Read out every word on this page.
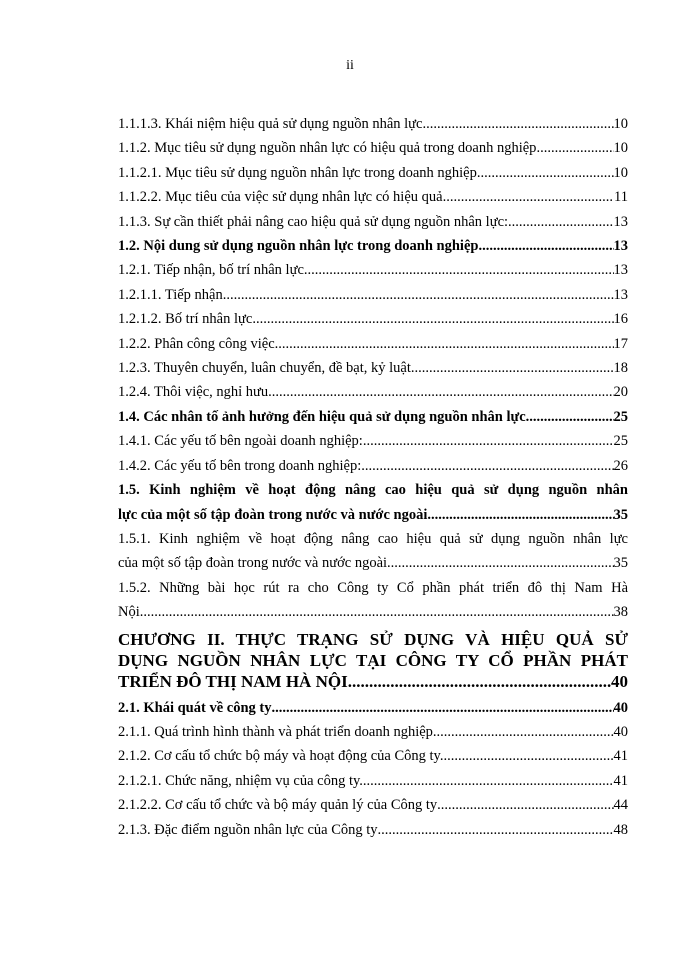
ii
1.1.1.3. Khái niệm hiệu quả sử dụng nguồn nhân lực .....	10
1.1.2. Mục tiêu sử dụng nguồn nhân lực có hiệu quả trong doanh nghiệp .....	10
1.1.2.1. Mục tiêu sử dụng nguồn nhân lực trong doanh nghiệp .....	10
1.1.2.2. Mục tiêu của việc sử dụng nhân lực có hiệu quả .....	11
1.1.3. Sự cần thiết phải nâng cao hiệu quả sử dụng nguồn nhân lực: .....	13
1.2. Nội dung sử dụng nguồn nhân lực trong doanh nghiệp .....	13
1.2.1. Tiếp nhận, bố trí nhân lực .....	13
1.2.1.1. Tiếp nhận .....	13
1.2.1.2. Bố trí nhân lực .....	16
1.2.2. Phân công công việc .....	17
1.2.3. Thuyên chuyển, luân chuyển, đề bạt, kỷ luật .....	18
1.2.4. Thôi việc, nghỉ hưu .....	20
1.4. Các nhân tố ảnh hưởng đến hiệu quả sử dụng nguồn nhân lực .....	25
1.4.1. Các yếu tố bên ngoài doanh nghiệp: .....	25
1.4.2. Các yếu tố bên trong doanh nghiệp: .....	26
1.5. Kinh nghiệm về hoạt động nâng cao hiệu quả sử dụng nguồn nhân
lực của một số tập đoàn trong nước và nước ngoài. .....	35
1.5.1. Kinh nghiệm về hoạt động nâng cao hiệu quả sử dụng nguồn nhân lực
của một số tập đoàn trong nước và nước ngoài. .....	35
1.5.2. Những bài học rút ra cho Công ty Cổ phần phát triển đô thị Nam Hà
Nội. .....	38
CHƯƠNG II. THỰC TRẠNG SỬ DỤNG VÀ HIỆU QUẢ SỬ
DỤNG NGUỒN NHÂN LỰC TẠI CÔNG TY CỔ PHẦN PHÁT
TRIỂN ĐÔ THỊ NAM HÀ NỘI .....	40
2.1. Khái quát về công ty .....	40
2.1.1. Quá trình hình thành và phát triển doanh nghiệp .....	40
2.1.2. Cơ cấu tổ chức bộ máy và hoạt động của Công ty. .....	41
2.1.2.1. Chức năng, nhiệm vụ của công ty. .....	41
2.1.2.2. Cơ cấu tổ chức và bộ máy quản lý của Công ty .....	44
2.1.3. Đặc điểm nguồn nhân lực của Công ty .....	48
